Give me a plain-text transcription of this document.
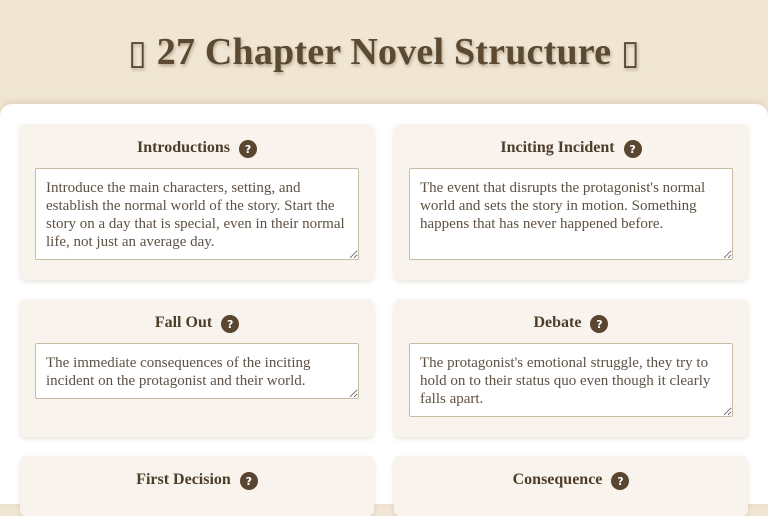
▯ 27 Chapter Novel Structure ▯
Introductions	?
Introduce the main characters, setting, and establish the normal world of the story. Start the story on a day that is special, even in their normal life, not just an average day.	Inciting Incident	?
The event that disrupts the protagonist's normal world and sets the story in motion. Something happens that has never happened before.
Fall Out	?
The immediate consequences of the inciting incident on the protagonist and their world.	Debate	?
The protagonist's emotional struggle, they try to hold on to their status quo even though it clearly falls apart.
First Decision	?	Consequence	?
